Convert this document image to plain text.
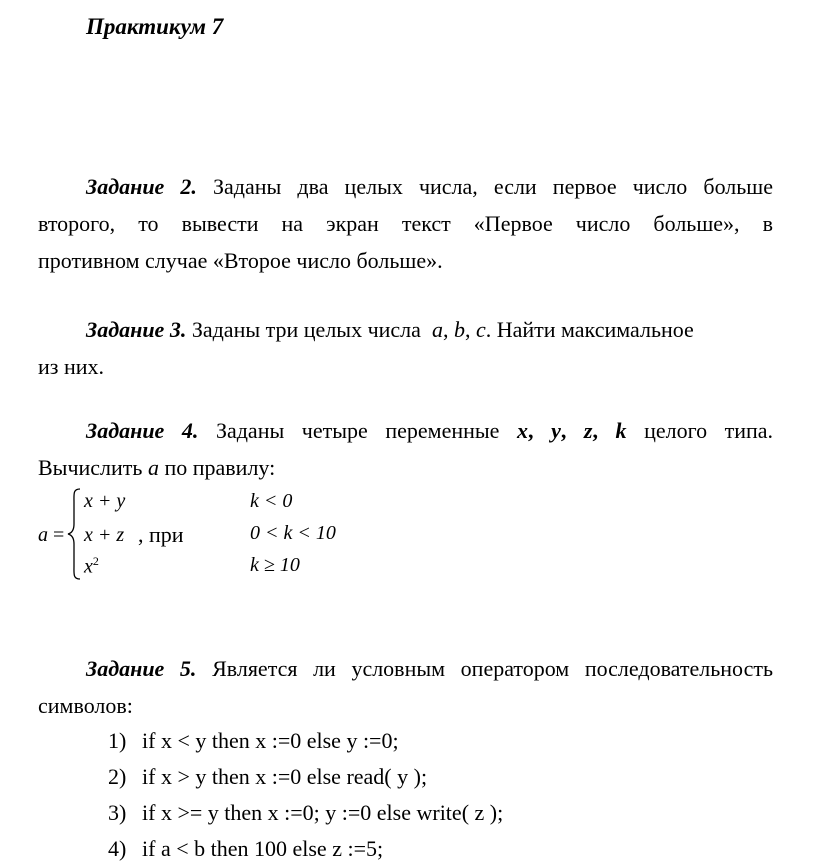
Практикум 7
Задание 2. Заданы два целых числа, если первое число больше
второго, то вывести на экран текст «Первое число больше», в
противном случае «Второе число больше».
Задание 3. Заданы три целых числа a, b, c. Найти максимальное
из них.
Задание 4. Заданы четыре переменные x, y, z, k целого типа.
Вычислить a по правилу:
a =
x + y
x + z
$x^2$
, при
k < 0
0 < k < 10
k ≥ 10
Задание 5. Является ли условным оператором последовательность
символов:
1) if x < y then x :=0 else y :=0;
2) if x > y then x :=0 else read( y );
3) if x >= y then x :=0; y :=0 else write( z );
4) if a < b then 100 else z :=5;
